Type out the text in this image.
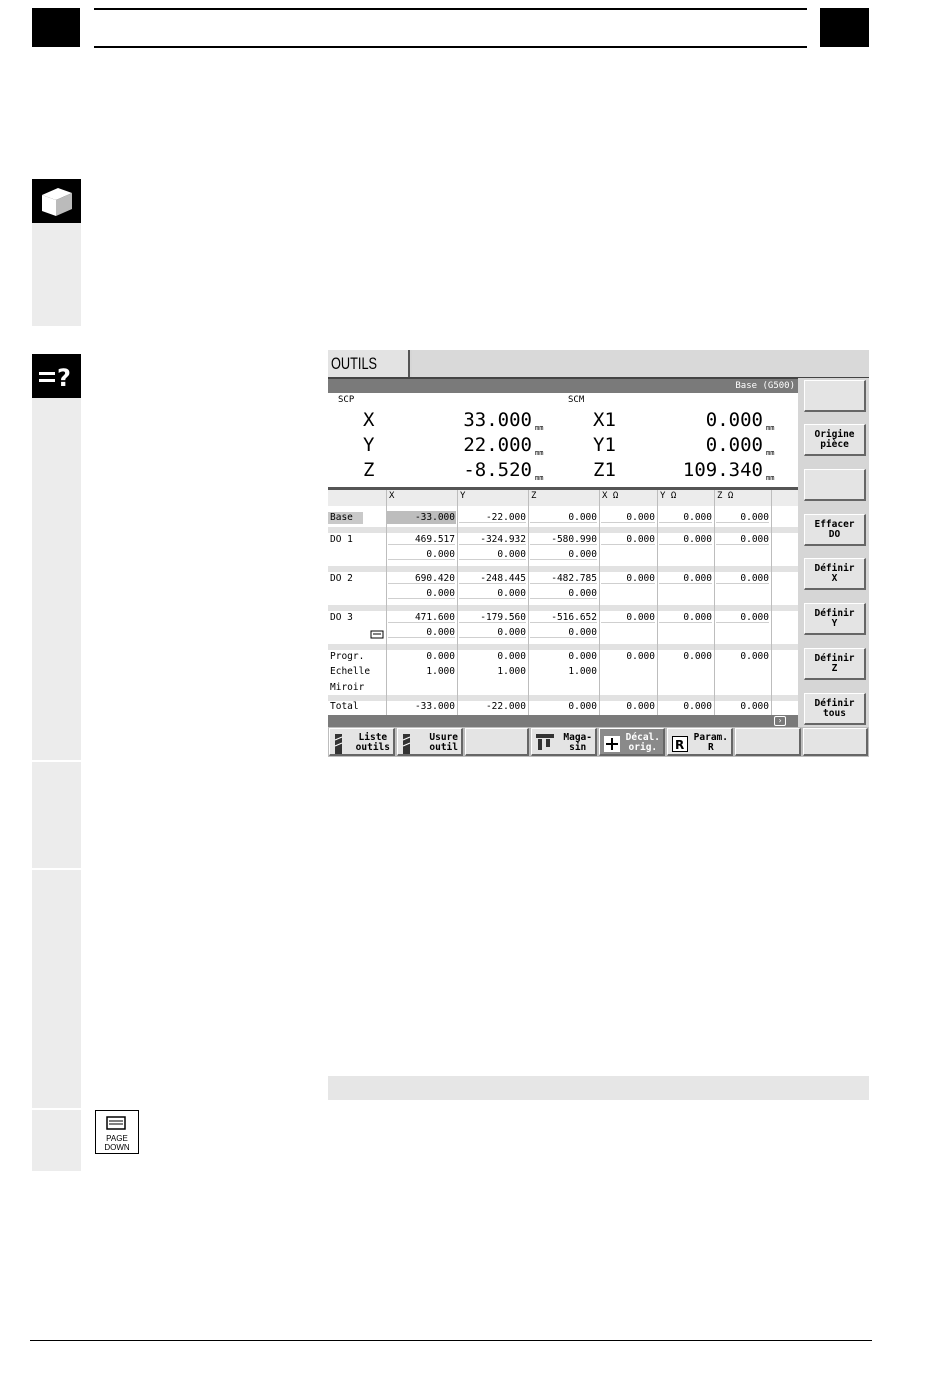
?
PAGE
DOWN
OUTILS
Base (G500)
SCP	SCM
X	33.000 mm	X1	0.000 mm
Y	22.000 mm	Y1	0.000 mm
Z	-8.520 mm	Z1	109.340 mm
X	Y	Z	X Ω	Y Ω	Z Ω
Base	-33.000	-22.000	0.000	0.000	0.000	0.000
DO 1	469.517	-324.932	-580.990	0.000	0.000	0.000
0.000	0.000	0.000
DO 2	690.420	-248.445	-482.785	0.000	0.000	0.000
0.000	0.000	0.000
DO 3	471.600	-179.560	-516.652	0.000	0.000	0.000
0.000	0.000	0.000
Progr.	0.000	0.000	0.000	0.000	0.000	0.000
Echelle	1.000	1.000	1.000
Miroir
Total	-33.000	-22.000	0.000	0.000	0.000	0.000
›
Origine
pièce
Effacer
DO
Définir
X
Définir
Y
Définir
Z
Définir
tous
Liste
outils
Usure
outil
Maga-
sin
Décal.
orig. R
Param.
R
